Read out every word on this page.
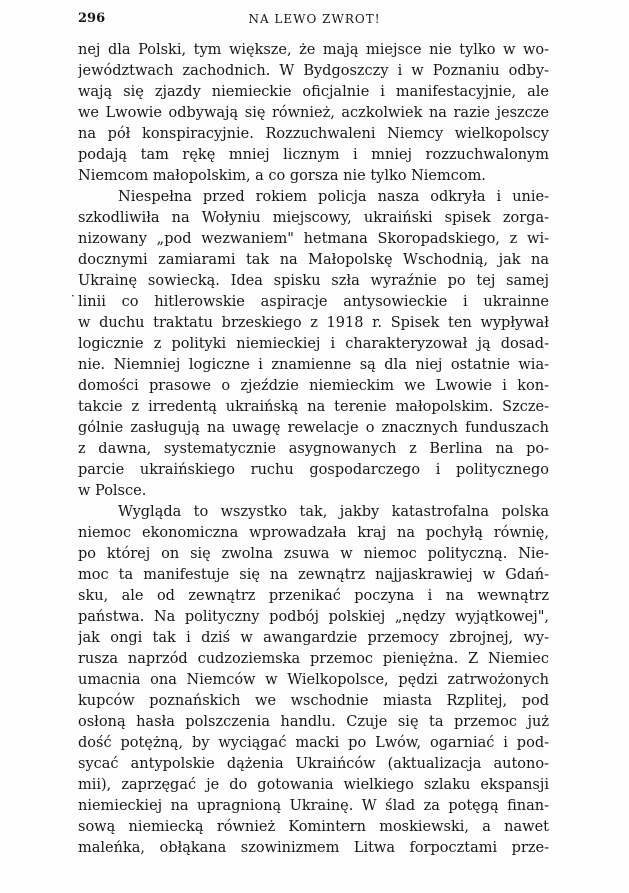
296	NA LEWO ZWROT!
·
nej dla Polski, tym większe, że mają miejsce nie tylko w wo-
jewództwach zachodnich. W Bydgoszczy i w Poznaniu odby-
wają się zjazdy niemieckie oficjalnie i manifestacyjnie, ale
we Lwowie odbywają się również, aczkolwiek na razie jeszcze
na pół konspiracyjnie. Rozzuchwaleni Niemcy wielkopolscy
podają tam rękę mniej licznym i mniej rozzuchwalonym
Niemcom małopolskim, a co gorsza nie tylko Niemcom.
Niespełna przed rokiem policja nasza odkryła i unie-
szkodliwiła na Wołyniu miejscowy, ukraiński spisek zorga-
nizowany „pod wezwaniem" hetmana Skoropadskiego, z wi-
docznymi zamiarami tak na Małopolskę Wschodnią, jak na
Ukrainę sowiecką. Idea spisku szła wyraźnie po tej samej
linii co hitlerowskie aspiracje antysowieckie i ukrainne
w duchu traktatu brzeskiego z 1918 r. Spisek ten wypływał
logicznie z polityki niemieckiej i charakteryzował ją dosad-
nie. Niemniej logiczne i znamienne są dla niej ostatnie wia-
domości prasowe o zjeździe niemieckim we Lwowie i kon-
takcie z irredentą ukraińską na terenie małopolskim. Szcze-
gólnie zasługują na uwagę rewelacje o znacznych funduszach
z dawna, systematycznie asygnowanych z Berlina na po-
parcie ukraińskiego ruchu gospodarczego i politycznego
w Polsce.
Wygląda to wszystko tak, jakby katastrofalna polska
niemoc ekonomiczna wprowadzała kraj na pochyłą równię,
po której on się zwolna zsuwa w niemoc polityczną. Nie-
moc ta manifestuje się na zewnątrz najjaskrawiej w Gdań-
sku, ale od zewnątrz przenikać poczyna i na wewnątrz
państwa. Na polityczny podbój polskiej „nędzy wyjątkowej",
jak ongi tak i dziś w awangardzie przemocy zbrojnej, wy-
rusza naprzód cudzoziemska przemoc pieniężna. Z Niemiec
umacnia ona Niemców w Wielkopolsce, pędzi zatrwożonych
kupców poznańskich we wschodnie miasta Rzplitej, pod
osłoną hasła polszczenia handlu. Czuje się ta przemoc już
dość potężną, by wyciągać macki po Lwów, ogarniać i pod-
sycać antypolskie dążenia Ukraińców (aktualizacja autono-
mii), zaprzęgać je do gotowania wielkiego szlaku ekspansji
niemieckiej na upragnioną Ukrainę. W ślad za potęgą finan-
sową niemiecką również Komintern moskiewski, a nawet
maleńka, obłąkana szowinizmem Litwa forpocztami prze-
